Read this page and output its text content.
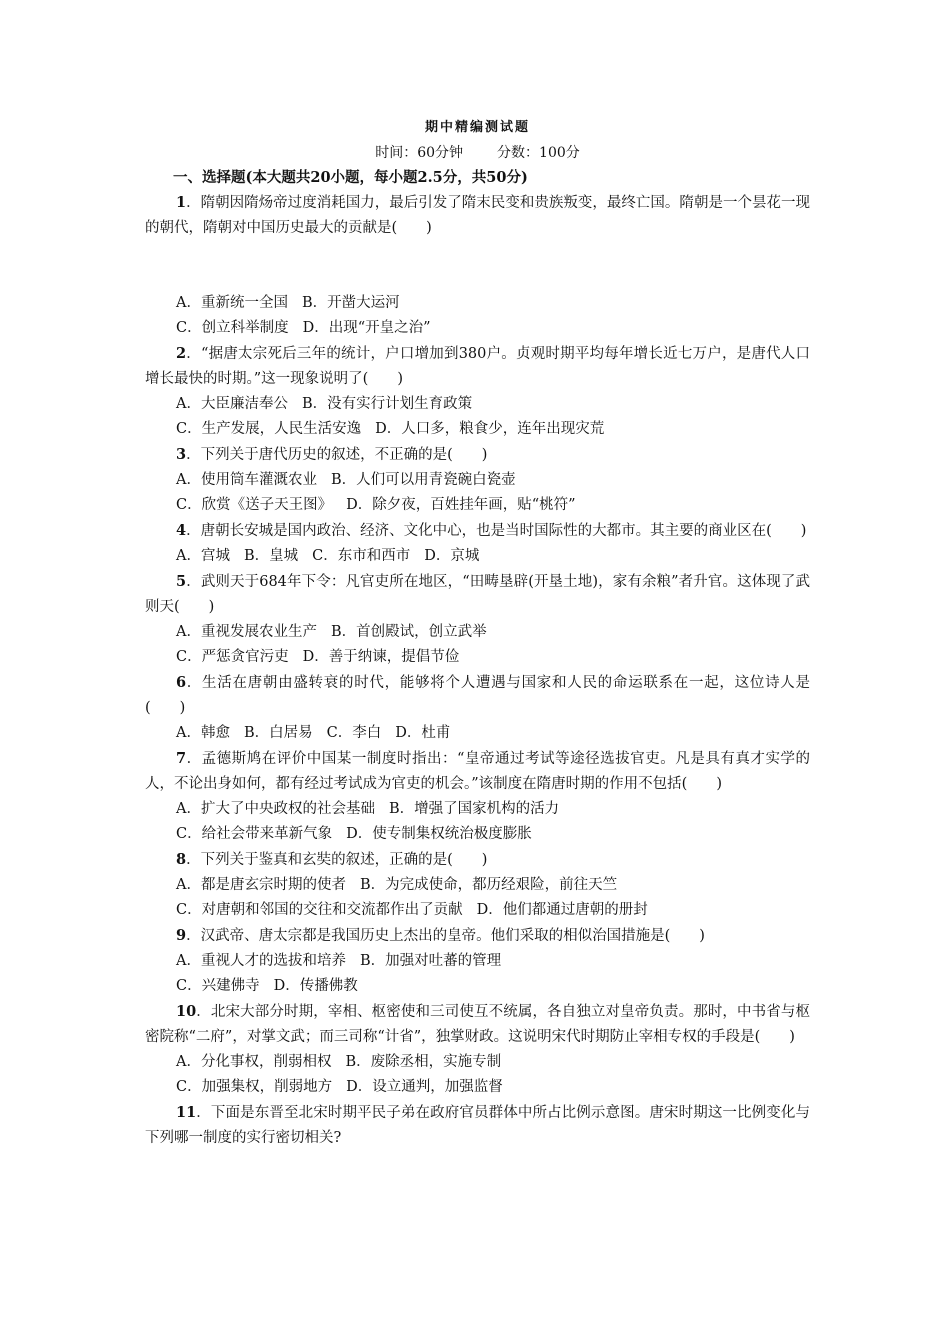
期中精编测试题
时间：60分钟 分数：100分
一、选择题(本大题共20小题，每小题2.5分，共50分)

1．隋朝因隋炀帝过度消耗国力，最后引发了隋末民变和贵族叛变，最终亡国。隋朝是一个昙花一现的朝代，隋朝对中国历史最大的贡献是(　　)

A．重新统一全国 B．开凿大运河

C．创立科举制度 D．出现“开皇之治”

2．“据唐太宗死后三年的统计，户口增加到380户。贞观时期平均每年增长近七万户，是唐代人口增长最快的时期。”这一现象说明了(　　)

A．大臣廉洁奉公 B．没有实行计划生育政策

C．生产发展，人民生活安逸 D．人口多，粮食少，连年出现灾荒

3．下列关于唐代历史的叙述，不正确的是(　　)

A．使用筒车灌溉农业 B．人们可以用青瓷碗白瓷壶

C．欣赏《送子天王图》 D．除夕夜，百姓挂年画，贴“桃符”

4．唐朝长安城是国内政治、经济、文化中心，也是当时国际性的大都市。其主要的商业区在(　　)

A．宫城 B．皇城 C．东市和西市 D．京城

5．武则天于684年下令：凡官吏所在地区，“田畴垦辟(开垦土地)，家有余粮”者升官。这体现了武则天(　　)

A．重视发展农业生产 B．首创殿试，创立武举

C．严惩贪官污吏 D．善于纳谏，提倡节俭

6．生活在唐朝由盛转衰的时代，能够将个人遭遇与国家和人民的命运联系在一起，这位诗人是(　　)

A．韩愈 B．白居易 C．李白 D．杜甫

7．孟德斯鸠在评价中国某一制度时指出：“皇帝通过考试等途径选拔官吏。凡是具有真才实学的人，不论出身如何，都有经过考试成为官吏的机会。”该制度在隋唐时期的作用不包括(　　)

A．扩大了中央政权的社会基础 B．增强了国家机构的活力

C．给社会带来革新气象 D．使专制集权统治极度膨胀

8．下列关于鉴真和玄奘的叙述，正确的是(　　)

A．都是唐玄宗时期的使者 B．为完成使命，都历经艰险，前往天竺

C．对唐朝和邻国的交往和交流都作出了贡献 D．他们都通过唐朝的册封

9．汉武帝、唐太宗都是我国历史上杰出的皇帝。他们采取的相似治国措施是(　　)

A．重视人才的选拔和培养 B．加强对吐蕃的管理

C．兴建佛寺 D．传播佛教

10．北宋大部分时期，宰相、枢密使和三司使互不统属，各自独立对皇帝负责。那时，中书省与枢密院称“二府”，对掌文武；而三司称“计省”，独掌财政。这说明宋代时期防止宰相专权的手段是(　　)

A．分化事权，削弱相权 B．废除丞相，实施专制

C．加强集权，削弱地方 D．设立通判，加强监督

11．下面是东晋至北宋时期平民子弟在政府官员群体中所占比例示意图。唐宋时期这一比例变化与下列哪一制度的实行密切相关?
